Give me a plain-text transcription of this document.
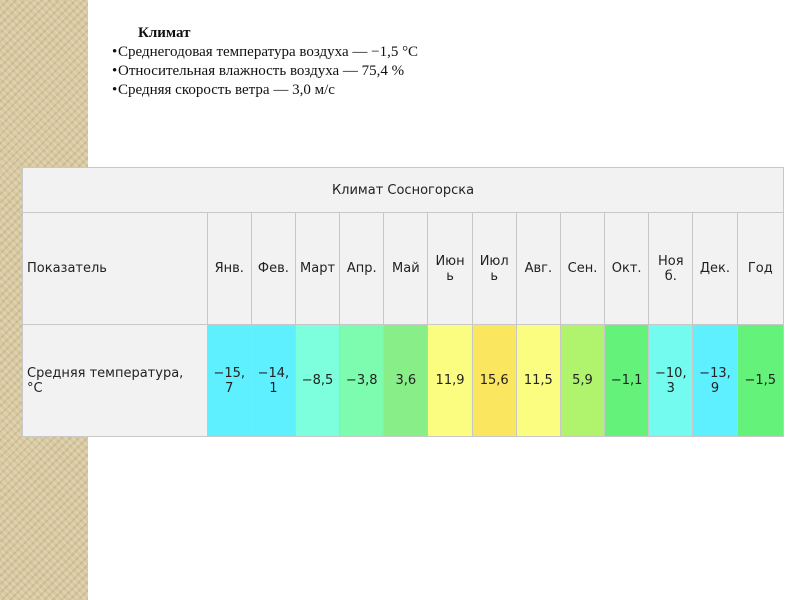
Климат
•Среднегодовая температура воздуха — −1,5 °C
•Относительная влажность воздуха — 75,4 %
•Средняя скорость ветра — 3,0 м/с
Климат Сосногорска													
Показатель	Янв.	Фев.	Март	Апр.	Май	Июнь	Июль	Авг.	Сен.	Окт.	Нояб.	Дек.	Год
Средняя температура, °C	−15,7	−14,1	−8,5	−3,8	3,6	11,9	15,6	11,5	5,9	−1,1	−10,3	−13,9	−1,5
